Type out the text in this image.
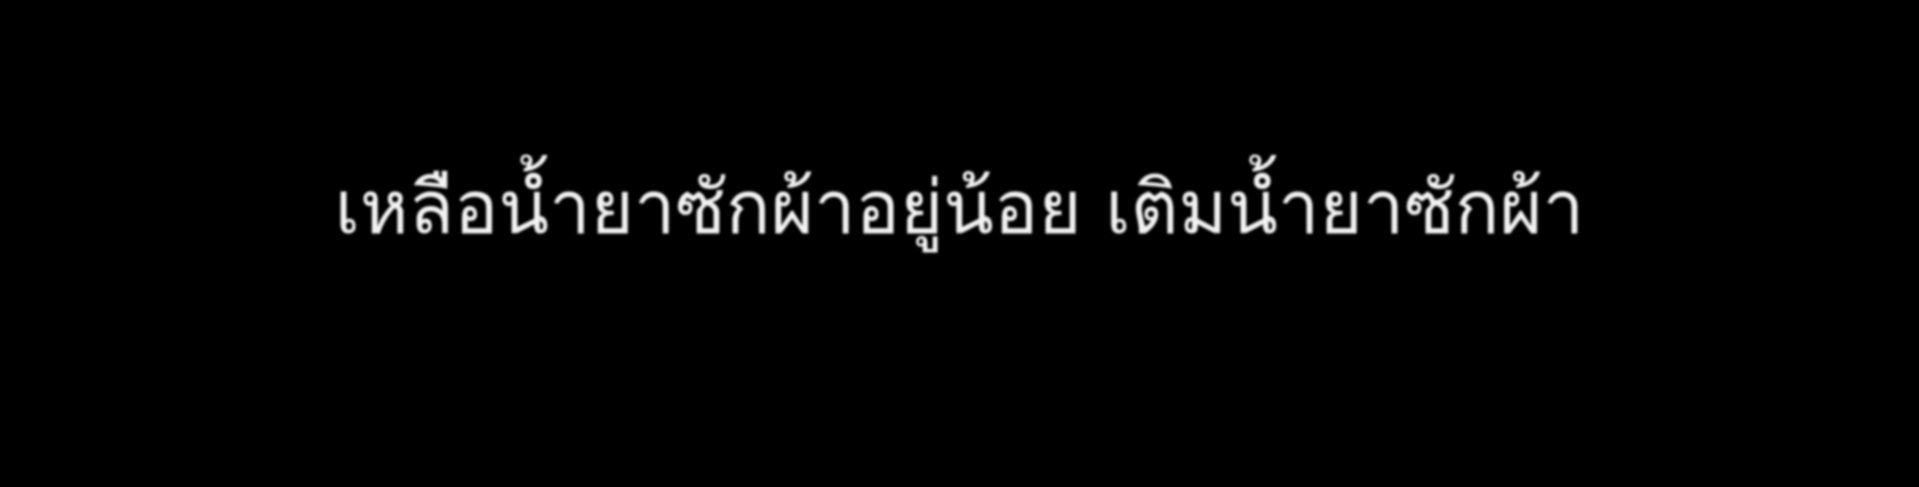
เหลือน้ำยาซักผ้าอยู่น้อย เติมน้ำยาซักผ้า
